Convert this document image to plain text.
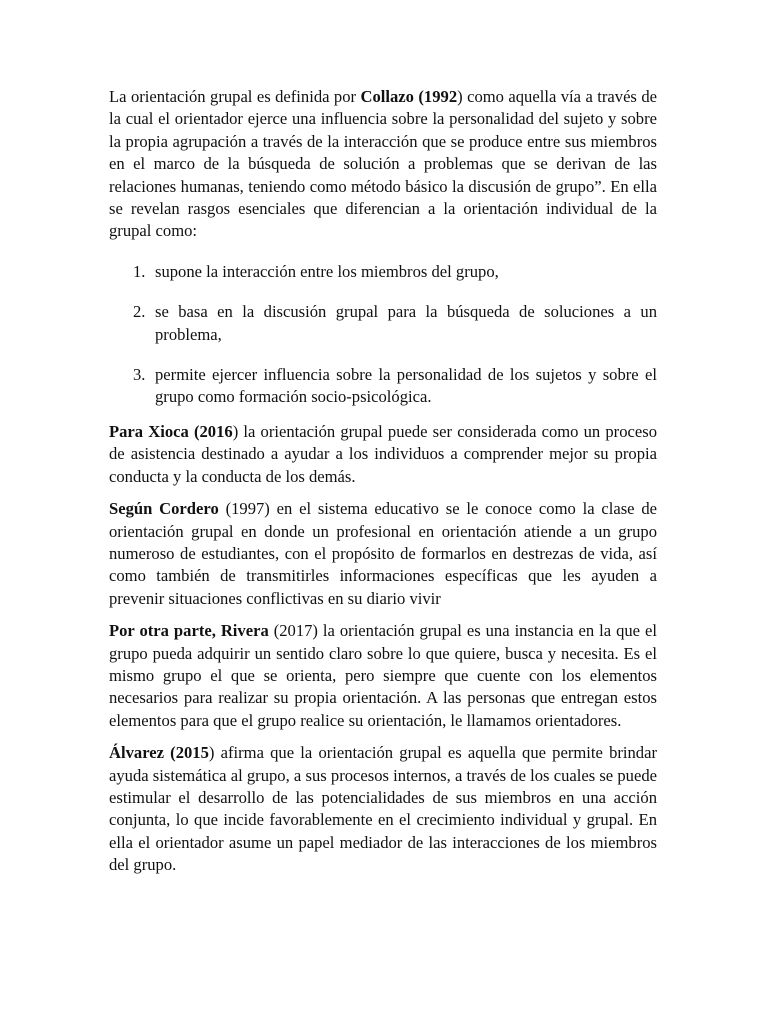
La orientación grupal es definida por Collazo (1992) como aquella vía a través de la cual el orientador ejerce una influencia sobre la personalidad del sujeto y sobre la propia agrupación a través de la interacción que se produce entre sus miembros en el marco de la búsqueda de solución a problemas que se derivan de las relaciones humanas, teniendo como método básico la discusión de grupo”. En ella se revelan rasgos esenciales que diferencian a la orientación individual de la grupal como:

1. supone la interacción entre los miembros del grupo,
2. se basa en la discusión grupal para la búsqueda de soluciones a un problema,
3. permite ejercer influencia sobre la personalidad de los sujetos y sobre el grupo como formación socio-psicológica.

Para Xioca (2016) la orientación grupal puede ser considerada como un proceso de asistencia destinado a ayudar a los individuos a comprender mejor su propia conducta y la conducta de los demás.

Según Cordero (1997) en el sistema educativo se le conoce como la clase de orientación grupal en donde un profesional en orientación atiende a un grupo numeroso de estudiantes, con el propósito de formarlos en destrezas de vida, así como también de transmitirles informaciones específicas que les ayuden a prevenir situaciones conflictivas en su diario vivir

Por otra parte, Rivera (2017) la orientación grupal es una instancia en la que el grupo pueda adquirir un sentido claro sobre lo que quiere, busca y necesita. Es el mismo grupo el que se orienta, pero siempre que cuente con los elementos necesarios para realizar su propia orientación. A las personas que entregan estos elementos para que el grupo realice su orientación, le llamamos orientadores.

Álvarez (2015) afirma que la orientación grupal es aquella que permite brindar ayuda sistemática al grupo, a sus procesos internos, a través de los cuales se puede estimular el desarrollo de las potencialidades de sus miembros en una acción conjunta, lo que incide favorablemente en el crecimiento individual y grupal. En ella el orientador asume un papel mediador de las interacciones de los miembros del grupo.
